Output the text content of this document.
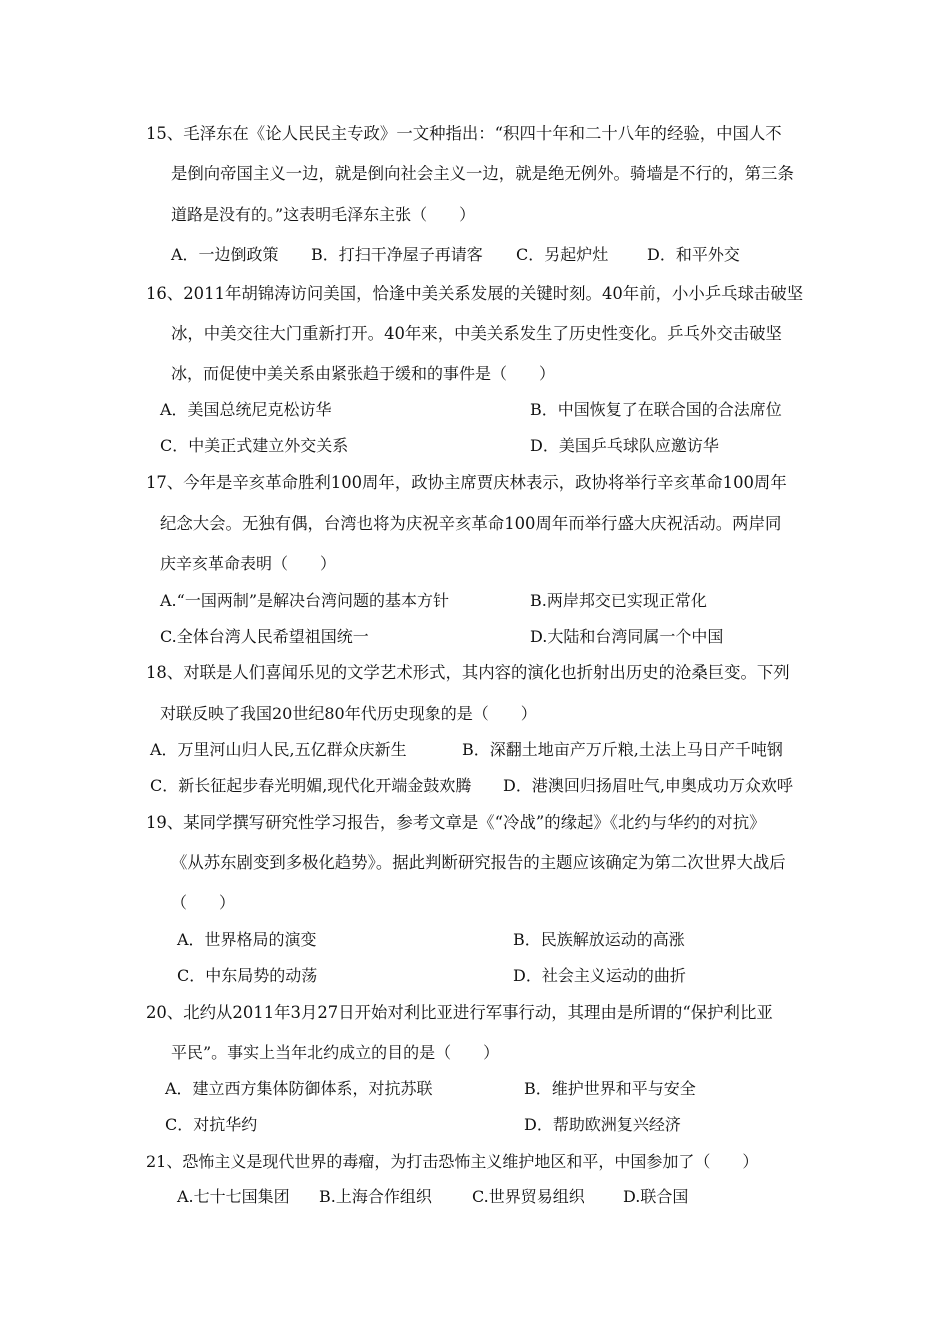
15、毛泽东在《论人民民主专政》一文种指出：“积四十年和二十八年的经验，中国人不
是倒向帝国主义一边，就是倒向社会主义一边，就是绝无例外。骑墙是不行的，第三条
道路是没有的。”这表明毛泽东主张（　　）
A．一边倒政策 B．打扫干净屋子再请客 C．另起炉灶 D．和平外交
16、2011年胡锦涛访问美国，恰逢中美关系发展的关键时刻。40年前，小小乒乓球击破坚
冰，中美交往大门重新打开。40年来，中美关系发生了历史性变化。乒乓外交击破坚
冰，而促使中美关系由紧张趋于缓和的事件是（　　）
A．美国总统尼克松访华	B．中国恢复了在联合国的合法席位
C．中美正式建立外交关系	D．美国乒乓球队应邀访华
17、今年是辛亥革命胜利100周年，政协主席贾庆林表示，政协将举行辛亥革命100周年
纪念大会。无独有偶，台湾也将为庆祝辛亥革命100周年而举行盛大庆祝活动。两岸同
庆辛亥革命表明（　　）
A.“一国两制”是解决台湾问题的基本方针	B.两岸邦交已实现正常化
C.全体台湾人民希望祖国统一	D.大陆和台湾同属一个中国
18、对联是人们喜闻乐见的文学艺术形式，其内容的演化也折射出历史的沧桑巨变。下列
对联反映了我国20世纪80年代历史现象的是（　　）
A．万里河山归人民,五亿群众庆新生	B．深翻土地亩产万斤粮,土法上马日产千吨钢
C．新长征起步春光明媚,现代化开端金鼓欢腾 D．港澳回归扬眉吐气,申奥成功万众欢呼
19、某同学撰写研究性学习报告，参考文章是《“冷战”的缘起》《北约与华约的对抗》
《从苏东剧变到多极化趋势》。据此判断研究报告的主题应该确定为第二次世界大战后
（　　）
A．世界格局的演变	B．民族解放运动的高涨
C．中东局势的动荡	D．社会主义运动的曲折
20、北约从2011年3月27日开始对利比亚进行军事行动，其理由是所谓的“保护利比亚
平民”。事实上当年北约成立的目的是（　　）
A．建立西方集体防御体系，对抗苏联	B．维护世界和平与安全
C．对抗华约	D．帮助欧洲复兴经济
21、恐怖主义是现代世界的毒瘤，为打击恐怖主义维护地区和平，中国参加了（　　）
A.七十七国集团 B.上海合作组织	C.世界贸易组织 D.联合国
